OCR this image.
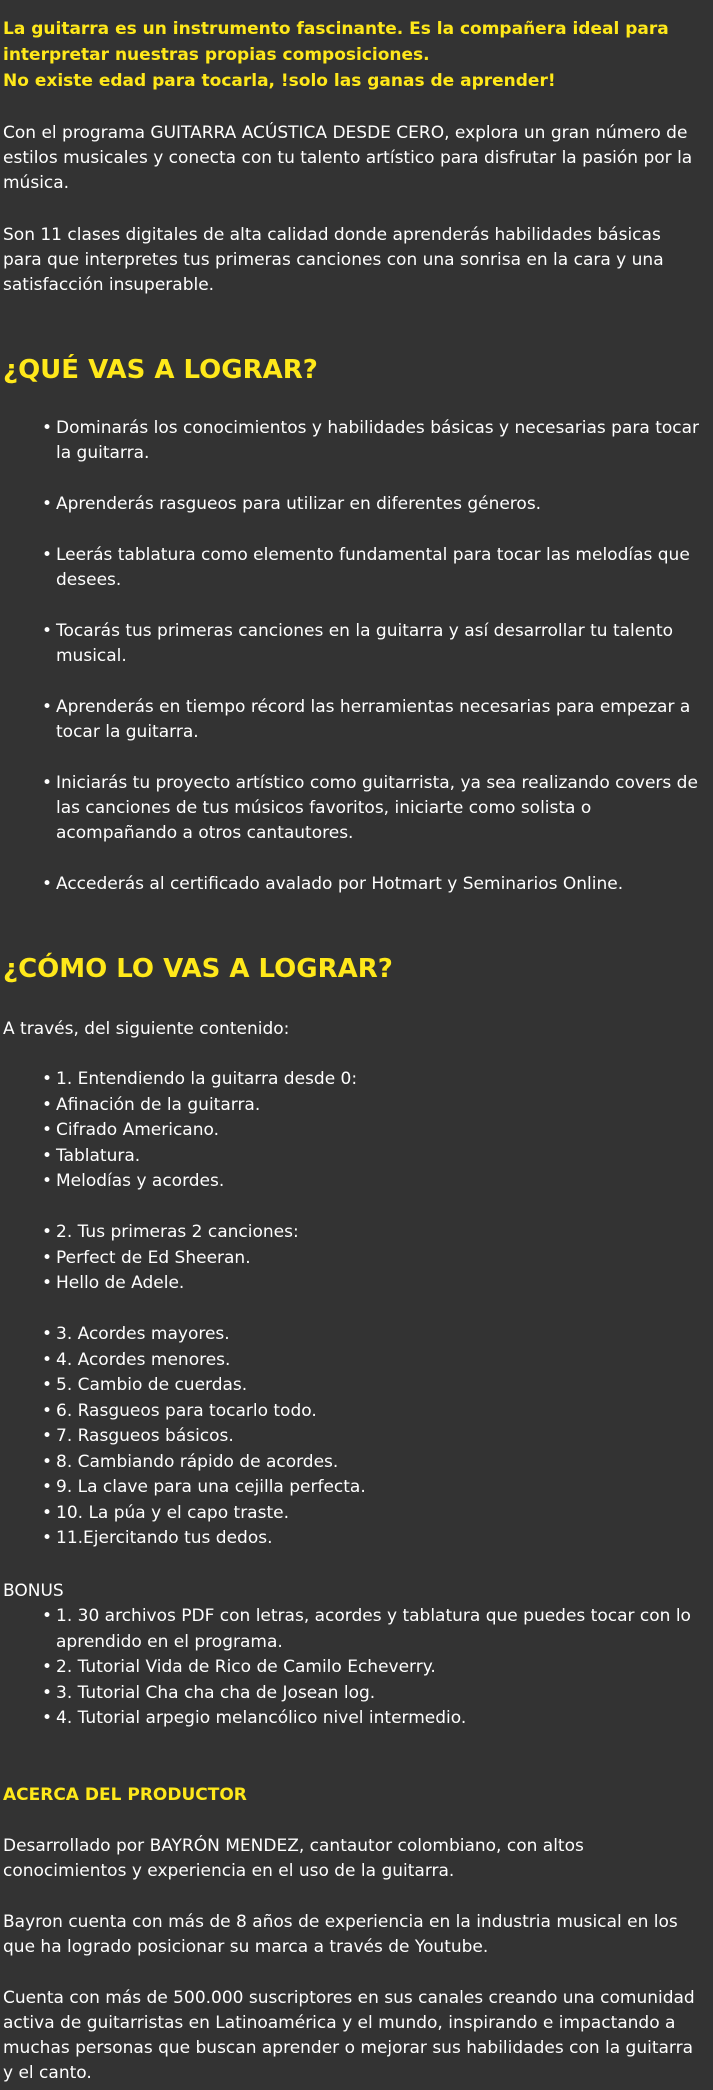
La guitarra es un instrumento fascinante. Es la compañera ideal para interpretar nuestras propias composiciones.

No existe edad para tocarla, !solo las ganas de aprender!

Con el programa GUITARRA ACÚSTICA DESDE CERO, explora un gran número de estilos musicales y conecta con tu talento artístico para disfrutar la pasión por la música.

Son 11 clases digitales de alta calidad donde aprenderás habilidades básicas para que interpretes tus primeras canciones con una sonrisa en la cara y una satisfacción insuperable.

¿QUÉ VAS A LOGRAR?
• Dominarás los conocimientos y habilidades básicas y necesarias para tocar la guitarra.
• Aprenderás rasgueos para utilizar en diferentes géneros.
• Leerás tablatura como elemento fundamental para tocar las melodías que desees.
• Tocarás tus primeras canciones en la guitarra y así desarrollar tu talento musical.
• Aprenderás en tiempo récord las herramientas necesarias para empezar a tocar la guitarra.
• Iniciarás tu proyecto artístico como guitarrista, ya sea realizando covers de las canciones de tus músicos favoritos, iniciarte como solista o acompañando a otros cantautores.
• Accederás al certificado avalado por Hotmart y Seminarios Online.
¿CÓMO LO VAS A LOGRAR?

A través, del siguiente contenido:

• 1. Entendiendo la guitarra desde 0:
• Afinación de la guitarra.
• Cifrado Americano.
• Tablatura.
• Melodías y acordes.
• 2. Tus primeras 2 canciones:
• Perfect de Ed Sheeran.
• Hello de Adele.
• 3. Acordes mayores.
• 4. Acordes menores.
• 5. Cambio de cuerdas.
• 6. Rasgueos para tocarlo todo.
• 7. Rasgueos básicos.
• 8. Cambiando rápido de acordes.
• 9. La clave para una cejilla perfecta.
• 10. La púa y el capo traste.
• 11.Ejercitando tus dedos.

BONUS

• 1. 30 archivos PDF con letras, acordes y tablatura que puedes tocar con lo aprendido en el programa.
• 2. Tutorial Vida de Rico de Camilo Echeverry.
• 3. Tutorial Cha cha cha de Josean log.
• 4. Tutorial arpegio melancólico nivel intermedio.
ACERCA DEL PRODUCTOR

Desarrollado por BAYRÓN MENDEZ, cantautor colombiano, con altos conocimientos y experiencia en el uso de la guitarra.

Bayron cuenta con más de 8 años de experiencia en la industria musical en los que ha logrado posicionar su marca a través de Youtube.

Cuenta con más de 500.000 suscriptores en sus canales creando una comunidad activa de guitarristas en Latinoamérica y el mundo, inspirando e impactando a muchas personas que buscan aprender o mejorar sus habilidades con la guitarra y el canto.
